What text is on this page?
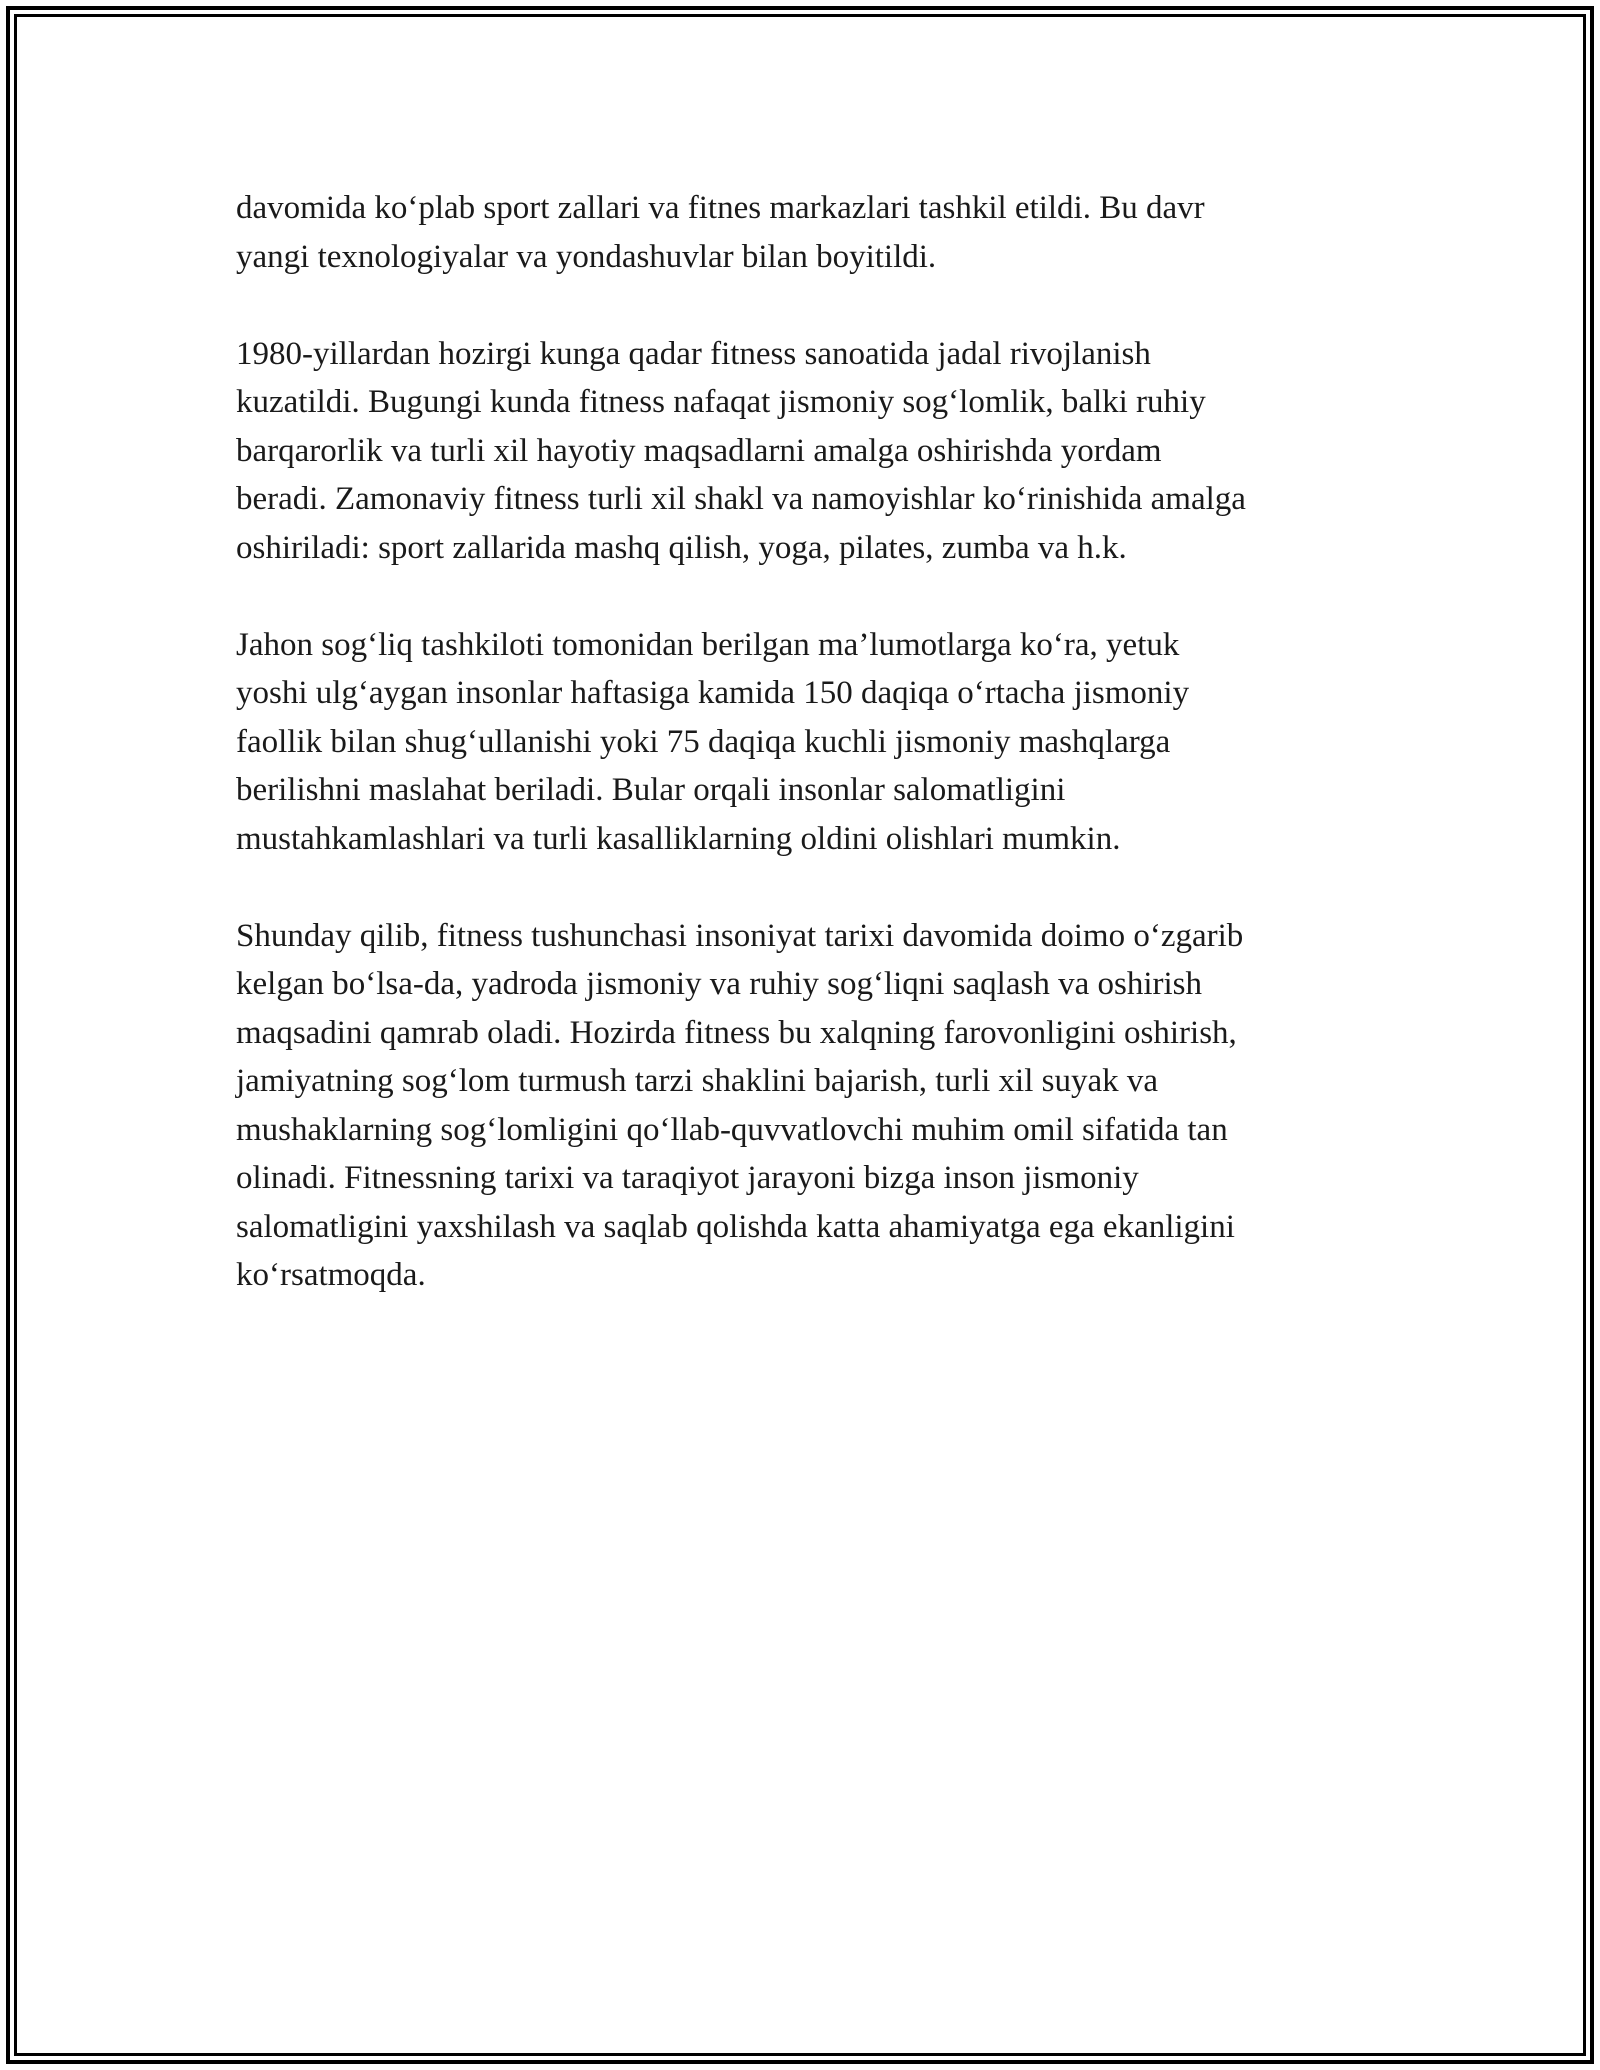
davomida ko‘plab sport zallari va fitnes markazlari tashkil etildi. Bu davr
yangi texnologiyalar va yondashuvlar bilan boyitildi.

1980-yillardan hozirgi kunga qadar fitness sanoatida jadal rivojlanish
kuzatildi. Bugungi kunda fitness nafaqat jismoniy sog‘lomlik, balki ruhiy
barqarorlik va turli xil hayotiy maqsadlarni amalga oshirishda yordam
beradi. Zamonaviy fitness turli xil shakl va namoyishlar ko‘rinishida amalga
oshiriladi: sport zallarida mashq qilish, yoga, pilates, zumba va h.k.

Jahon sog‘liq tashkiloti tomonidan berilgan ma’lumotlarga ko‘ra, yetuk
yoshi ulg‘aygan insonlar haftasiga kamida 150 daqiqa o‘rtacha jismoniy
faollik bilan shug‘ullanishi yoki 75 daqiqa kuchli jismoniy mashqlarga
berilishni maslahat beriladi. Bular orqali insonlar salomatligini
mustahkamlashlari va turli kasalliklarning oldini olishlari mumkin.

Shunday qilib, fitness tushunchasi insoniyat tarixi davomida doimo o‘zgarib
kelgan bo‘lsa-da, yadroda jismoniy va ruhiy sog‘liqni saqlash va oshirish
maqsadini qamrab oladi. Hozirda fitness bu xalqning farovonligini oshirish,
jamiyatning sog‘lom turmush tarzi shaklini bajarish, turli xil suyak va
mushaklarning sog‘lomligini qo‘llab-quvvatlovchi muhim omil sifatida tan
olinadi. Fitnessning tarixi va taraqiyot jarayoni bizga inson jismoniy
salomatligini yaxshilash va saqlab qolishda katta ahamiyatga ega ekanligini
ko‘rsatmoqda.
